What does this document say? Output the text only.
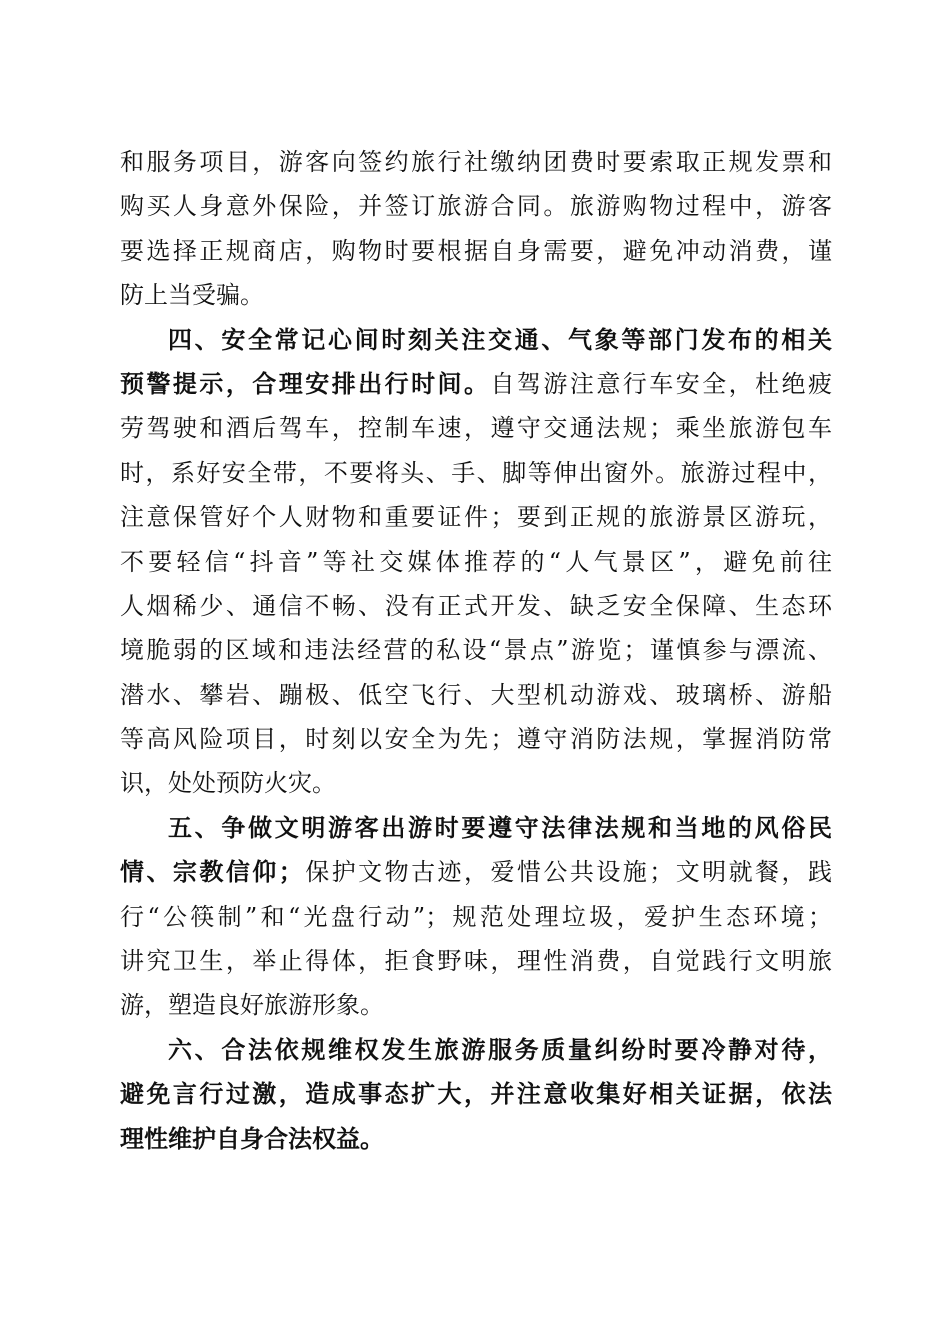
和服务项目，游客向签约旅行社缴纳团费时要索取正规发票和
购买人身意外保险，并签订旅游合同。旅游购物过程中，游客
要选择正规商店，购物时要根据自身需要，避免冲动消费，谨
防上当受骗。
四、安全常记心间时刻关注交通、气象等部门发布的相关
预警提示，合理安排出行时间。自驾游注意行车安全，杜绝疲
劳驾驶和酒后驾车，控制车速，遵守交通法规；乘坐旅游包车
时，系好安全带，不要将头、手、脚等伸出窗外。旅游过程中，
注意保管好个人财物和重要证件；要到正规的旅游景区游玩，
不要轻信“抖音”等社交媒体推荐的“人气景区”，避免前往
人烟稀少、通信不畅、没有正式开发、缺乏安全保障、生态环
境脆弱的区域和违法经营的私设“景点”游览；谨慎参与漂流、
潜水、攀岩、蹦极、低空飞行、大型机动游戏、玻璃桥、游船
等高风险项目，时刻以安全为先；遵守消防法规，掌握消防常
识，处处预防火灾。
五、争做文明游客出游时要遵守法律法规和当地的风俗民
情、宗教信仰；保护文物古迹，爱惜公共设施；文明就餐，践
行“公筷制”和“光盘行动”；规范处理垃圾，爱护生态环境；
讲究卫生，举止得体，拒食野味，理性消费，自觉践行文明旅
游，塑造良好旅游形象。
六、合法依规维权发生旅游服务质量纠纷时要冷静对待，
避免言行过激，造成事态扩大，并注意收集好相关证据，依法
理性维护自身合法权益。
